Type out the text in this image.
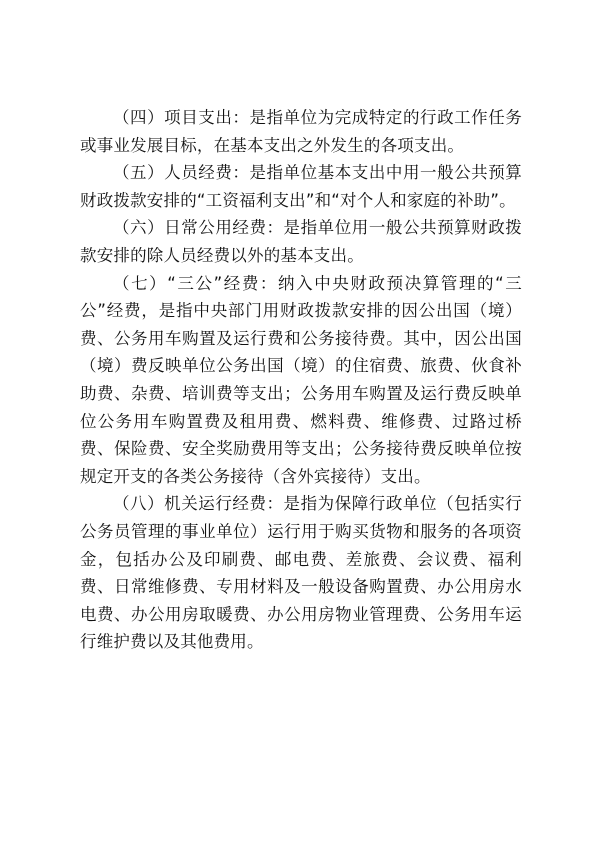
（四）项目支出：是指单位为完成特定的行政工作任务或事业发展目标，在基本支出之外发生的各项支出。

（五）人员经费：是指单位基本支出中用一般公共预算财政拨款安排的“工资福利支出”和“对个人和家庭的补助”。

（六）日常公用经费：是指单位用一般公共预算财政拨款安排的除人员经费以外的基本支出。

（七）“三公”经费：纳入中央财政预决算管理的“三公”经费，是指中央部门用财政拨款安排的因公出国（境）费、公务用车购置及运行费和公务接待费。其中，因公出国（境）费反映单位公务出国（境）的住宿费、旅费、伙食补助费、杂费、培训费等支出；公务用车购置及运行费反映单位公务用车购置费及租用费、燃料费、维修费、过路过桥费、保险费、安全奖励费用等支出；公务接待费反映单位按规定开支的各类公务接待（含外宾接待）支出。

（八）机关运行经费：是指为保障行政单位（包括实行公务员管理的事业单位）运行用于购买货物和服务的各项资金，包括办公及印刷费、邮电费、差旅费、会议费、福利费、日常维修费、专用材料及一般设备购置费、办公用房水电费、办公用房取暖费、办公用房物业管理费、公务用车运行维护费以及其他费用。
